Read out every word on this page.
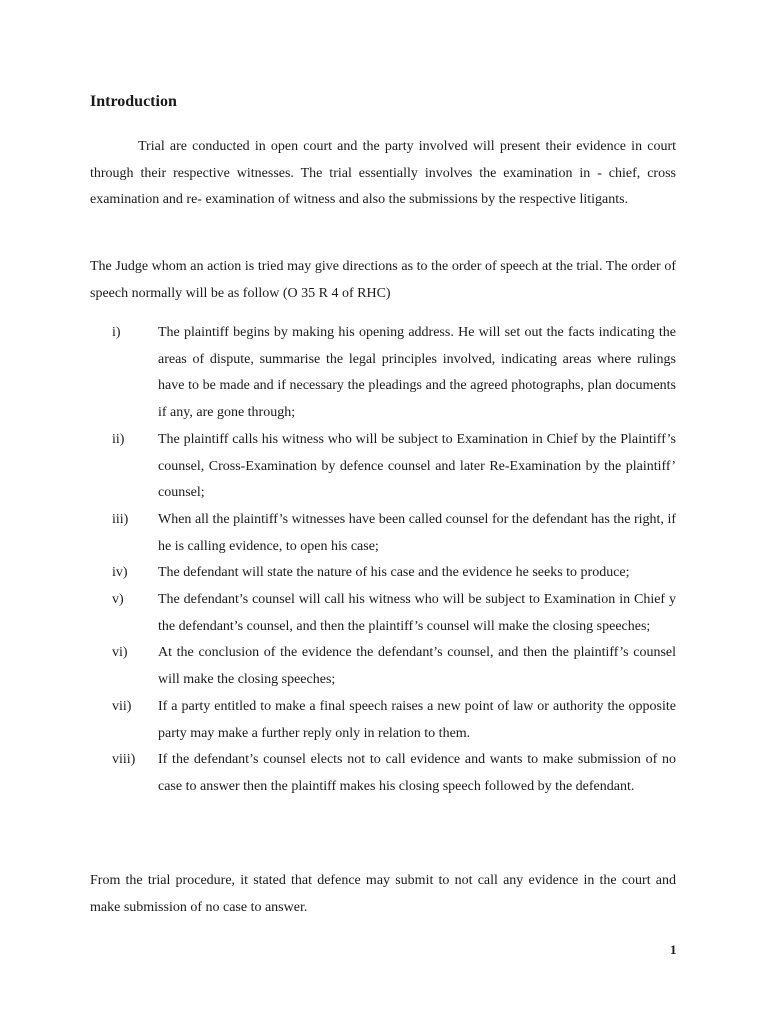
Introduction

Trial are conducted in open court and the party involved will present their evidence in court through their respective witnesses. The trial essentially involves the examination in - chief, cross examination and re- examination of witness and also the submissions by the respective litigants.

The Judge whom an action is tried may give directions as to the order of speech at the trial. The order of speech normally will be as follow (O 35 R 4 of RHC)

i)	The plaintiff begins by making his opening address. He will set out the facts indicating the areas of dispute, summarise the legal principles involved, indicating areas where rulings have to be made and if necessary the pleadings and the agreed photographs, plan documents if any, are gone through;
ii) The plaintiff calls his witness who will be subject to Examination in Chief by the Plaintiff’s counsel, Cross-Examination by defence counsel and later Re-Examination by the plaintiff’ counsel;
iii) When all the plaintiff’s witnesses have been called counsel for the defendant has the right, if he is calling evidence, to open his case;
iv) The defendant will state the nature of his case and the evidence he seeks to produce;
v) The defendant’s counsel will call his witness who will be subject to Examination in Chief y the defendant’s counsel, and then the plaintiff’s counsel will make the closing speeches;
vi) At the conclusion of the evidence the defendant’s counsel, and then the plaintiff’s counsel will make the closing speeches;
vii) If a party entitled to make a final speech raises a new point of law or authority the opposite party may make a further reply only in relation to them.
viii) If the defendant’s counsel elects not to call evidence and wants to make submission of no case to answer then the plaintiff makes his closing speech followed by the defendant.

From the trial procedure, it stated that defence may submit to not call any evidence in the court and make submission of no case to answer.

1
